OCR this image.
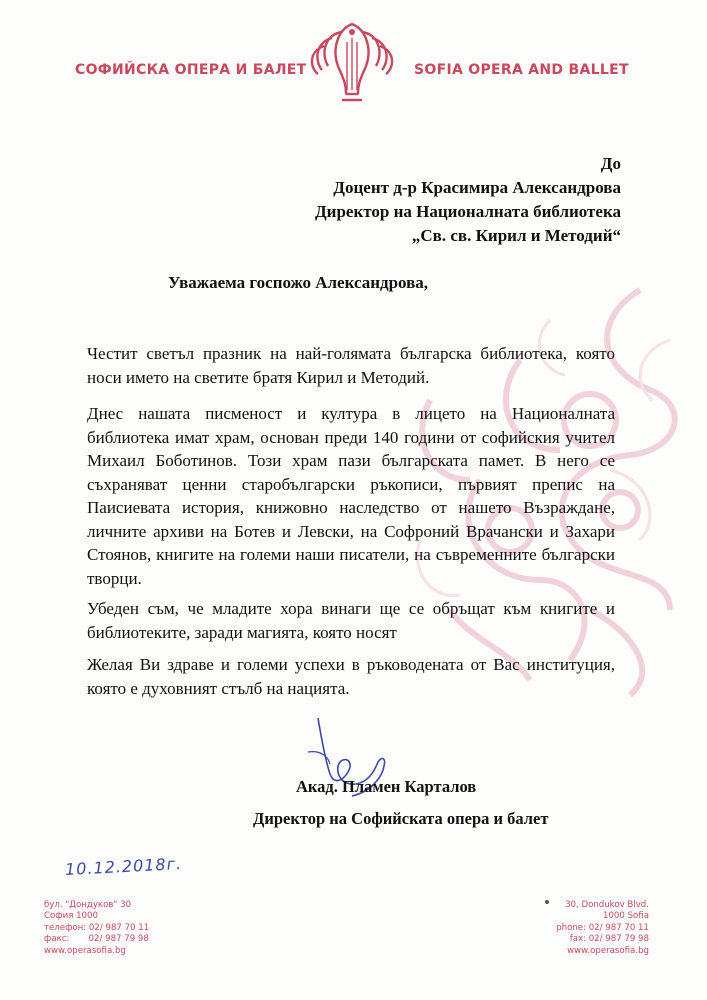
СОФИЙСКА ОПЕРА И БАЛЕТ	SOFIA OPERA AND BALLET
До
Доцент д-р Красимира Александрова
Директор на Националната библиотека
„Св. св. Кирил и Методий“
Уважаема госпожо Александрова,
Честит светъл празник на най-голямата българска библиотека, която носи името на светите братя Кирил и Методий.
Днес нашата писменост и култура в лицето на Националната библиотека имат храм, основан преди 140 години от софийския учител Михаил Боботинов. Този храм пази българската памет. В него се съхраняват ценни старобългарски ръкописи, първият препис на Паисиевата история, книжовно наследство от нашето Възраждане, личните архиви на Ботев и Левски, на Софроний Врачански и Захари Стоянов, книгите на големи наши писатели, на съвременните български творци.
Убеден съм, че младите хора винаги ще се обръщат към книгите и библиотеките, заради магията, която носят
Желая Ви здраве и големи успехи в ръководената от Вас институция, която е духовният стълб на нацията.
Акад. Пламен Карталов
Директор на Софийската опера и балет
10.12.2018г.
бул. "Дондуков" 30
София 1000
телефон: 02/ 987 70 11
факс:       02/ 987 79 98
www.operasofia.bg
30, Dondukov Blvd.
1000 Sofia
phone: 02/ 987 70 11
fax: 02/ 987 79 98
www.operasofia.bg
